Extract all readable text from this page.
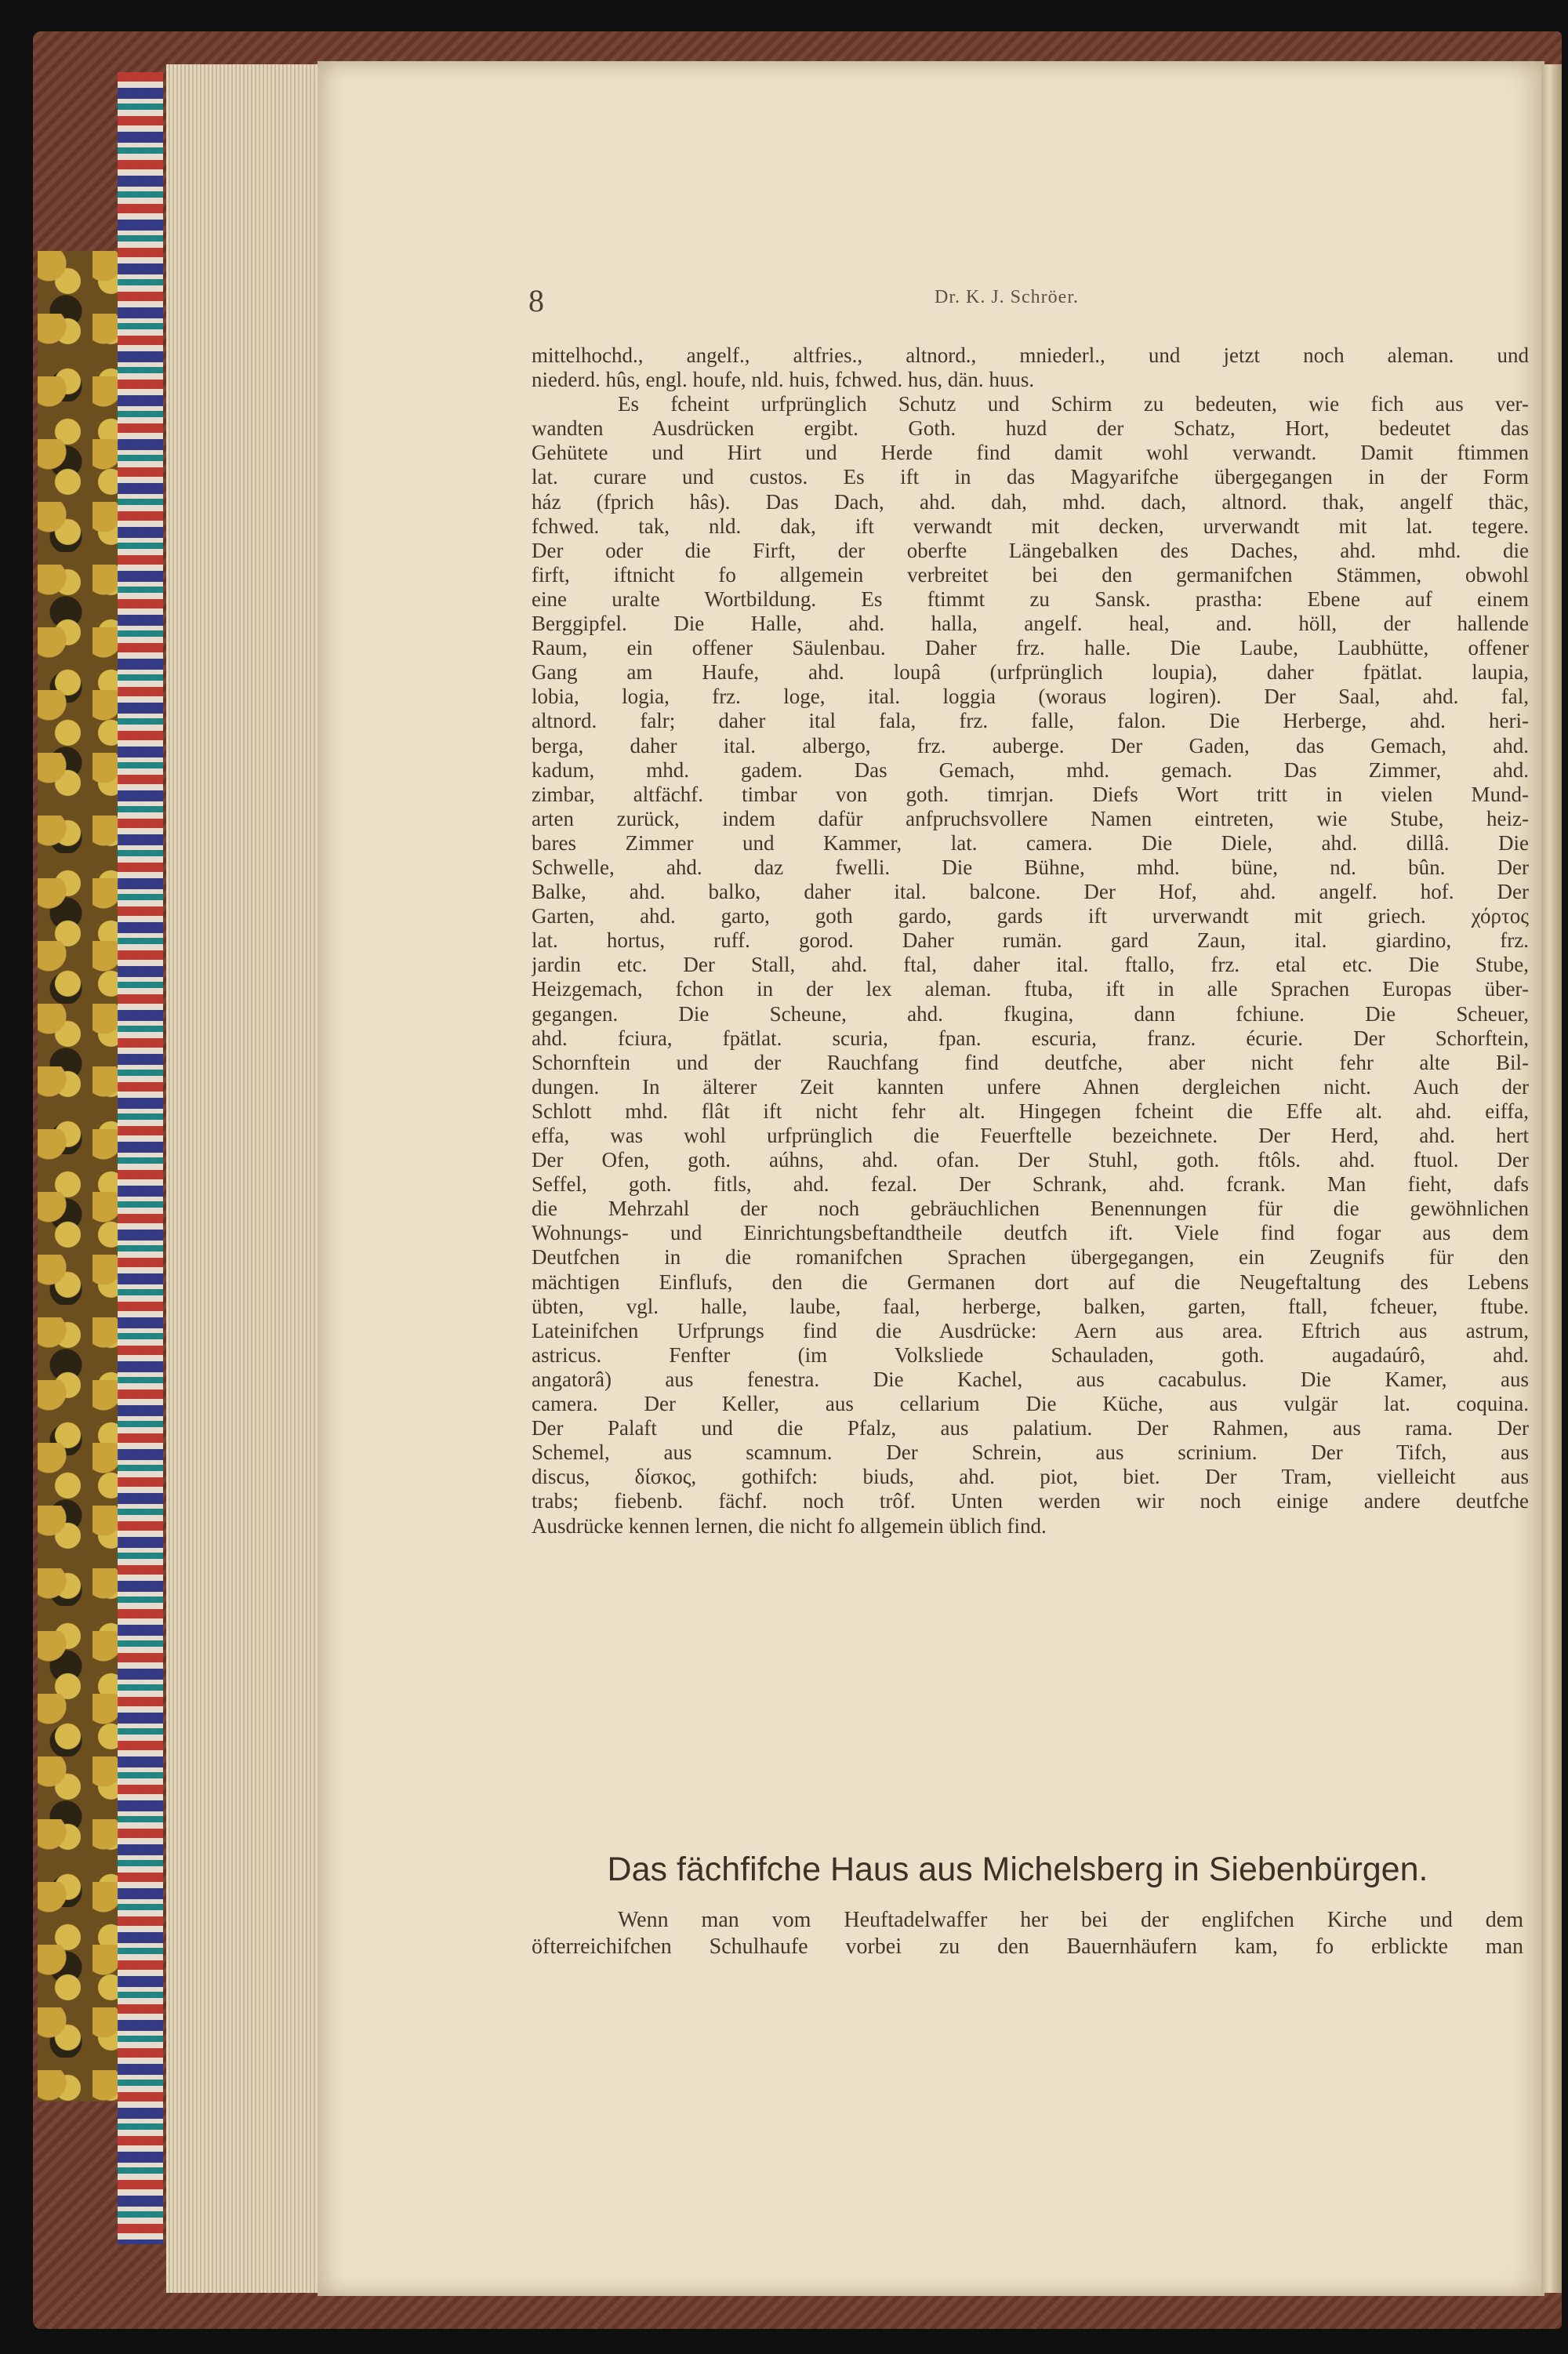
8	Dr. K. J. Schröer.
mittelhochd., angelf., altfries., altnord., mniederl., und jetzt noch aleman. und
niederd. hûs, engl. houfe, nld. huis, fchwed. hus, dän. huus.
Es fcheint urfprünglich Schutz und Schirm zu bedeuten, wie fich aus ver-
wandten Ausdrücken ergibt. Goth. huzd der Schatz, Hort, bedeutet das
Gehütete und Hirt und Herde find damit wohl verwandt. Damit ftimmen
lat. curare und custos. Es ift in das Magyarifche übergegangen in der Form
ház (fprich hâs). Das Dach, ahd. dah, mhd. dach, altnord. thak, angelf thäc,
fchwed. tak, nld. dak, ift verwandt mit decken, urverwandt mit lat. tegere.
Der oder die Firft, der oberfte Längebalken des Daches, ahd. mhd. die
firft, iftnicht fo allgemein verbreitet bei den germanifchen Stämmen, obwohl
eine uralte Wortbildung. Es ftimmt zu Sansk. prastha: Ebene auf einem
Berggipfel. Die Halle, ahd. halla, angelf. heal, and. höll, der hallende
Raum, ein offener Säulenbau. Daher frz. halle. Die Laube, Laubhütte, offener
Gang am Haufe, ahd. loupâ (urfprünglich loupia), daher fpätlat. laupia,
lobia, logia, frz. loge, ital. loggia (woraus logiren). Der Saal, ahd. fal,
altnord. falr; daher ital fala, frz. falle, falon. Die Herberge, ahd. heri-
berga, daher ital. albergo, frz. auberge. Der Gaden, das Gemach, ahd.
kadum, mhd. gadem. Das Gemach, mhd. gemach. Das Zimmer, ahd.
zimbar, altfächf. timbar von goth. timrjan. Diefs Wort tritt in vielen Mund-
arten zurück, indem dafür anfpruchsvollere Namen eintreten, wie Stube, heiz-
bares Zimmer und Kammer, lat. camera. Die Diele, ahd. dillâ. Die
Schwelle, ahd. daz fwelli. Die Bühne, mhd. büne, nd. bûn. Der
Balke, ahd. balko, daher ital. balcone. Der Hof, ahd. angelf. hof. Der
Garten, ahd. garto, goth gardo, gards ift urverwandt mit griech. χόρτος
lat. hortus, ruff. gorod. Daher rumän. gard Zaun, ital. giardino, frz.
jardin etc. Der Stall, ahd. ftal, daher ital. ftallo, frz. etal etc. Die Stube,
Heizgemach, fchon in der lex aleman. ftuba, ift in alle Sprachen Europas über-
gegangen. Die Scheune, ahd. fkugina, dann fchiune. Die Scheuer,
ahd. fciura, fpätlat. scuria, fpan. escuria, franz. écurie. Der Schorftein,
Schornftein und der Rauchfang find deutfche, aber nicht fehr alte Bil-
dungen. In älterer Zeit kannten unfere Ahnen dergleichen nicht. Auch der
Schlott mhd. flât ift nicht fehr alt. Hingegen fcheint die Effe alt. ahd. eiffa,
effa, was wohl urfprünglich die Feuerftelle bezeichnete. Der Herd, ahd. hert
Der Ofen, goth. aúhns, ahd. ofan. Der Stuhl, goth. ftôls. ahd. ftuol. Der
Seffel, goth. fitls, ahd. fezal. Der Schrank, ahd. fcrank. Man fieht, dafs
die Mehrzahl der noch gebräuchlichen Benennungen für die gewöhnlichen
Wohnungs- und Einrichtungsbeftandtheile deutfch ift. Viele find fogar aus dem
Deutfchen in die romanifchen Sprachen übergegangen, ein Zeugnifs für den
mächtigen Einflufs, den die Germanen dort auf die Neugeftaltung des Lebens
übten, vgl. halle, laube, faal, herberge, balken, garten, ftall, fcheuer, ftube.
Lateinifchen Urfprungs find die Ausdrücke: Aern aus area. Eftrich aus astrum,
astricus. Fenfter (im Volksliede Schauladen, goth. augadaúrô, ahd.
angatorâ) aus fenestra. Die Kachel, aus cacabulus. Die Kamer, aus
camera. Der Keller, aus cellarium Die Küche, aus vulgär lat. coquina.
Der Palaft und die Pfalz, aus palatium. Der Rahmen, aus rama. Der
Schemel, aus scamnum. Der Schrein, aus scrinium. Der Tifch, aus
discus, δίσκος, gothifch: biuds, ahd. piot, biet. Der Tram, vielleicht aus
trabs; fiebenb. fächf. noch trôf. Unten werden wir noch einige andere deutfche
Ausdrücke kennen lernen, die nicht fo allgemein üblich find.
Das fächfifche Haus aus Michelsberg in Siebenbürgen.
Wenn man vom Heuftadelwaffer her bei der englifchen Kirche und dem
öfterreichifchen Schulhaufe vorbei zu den Bauernhäufern kam, fo erblickte man
